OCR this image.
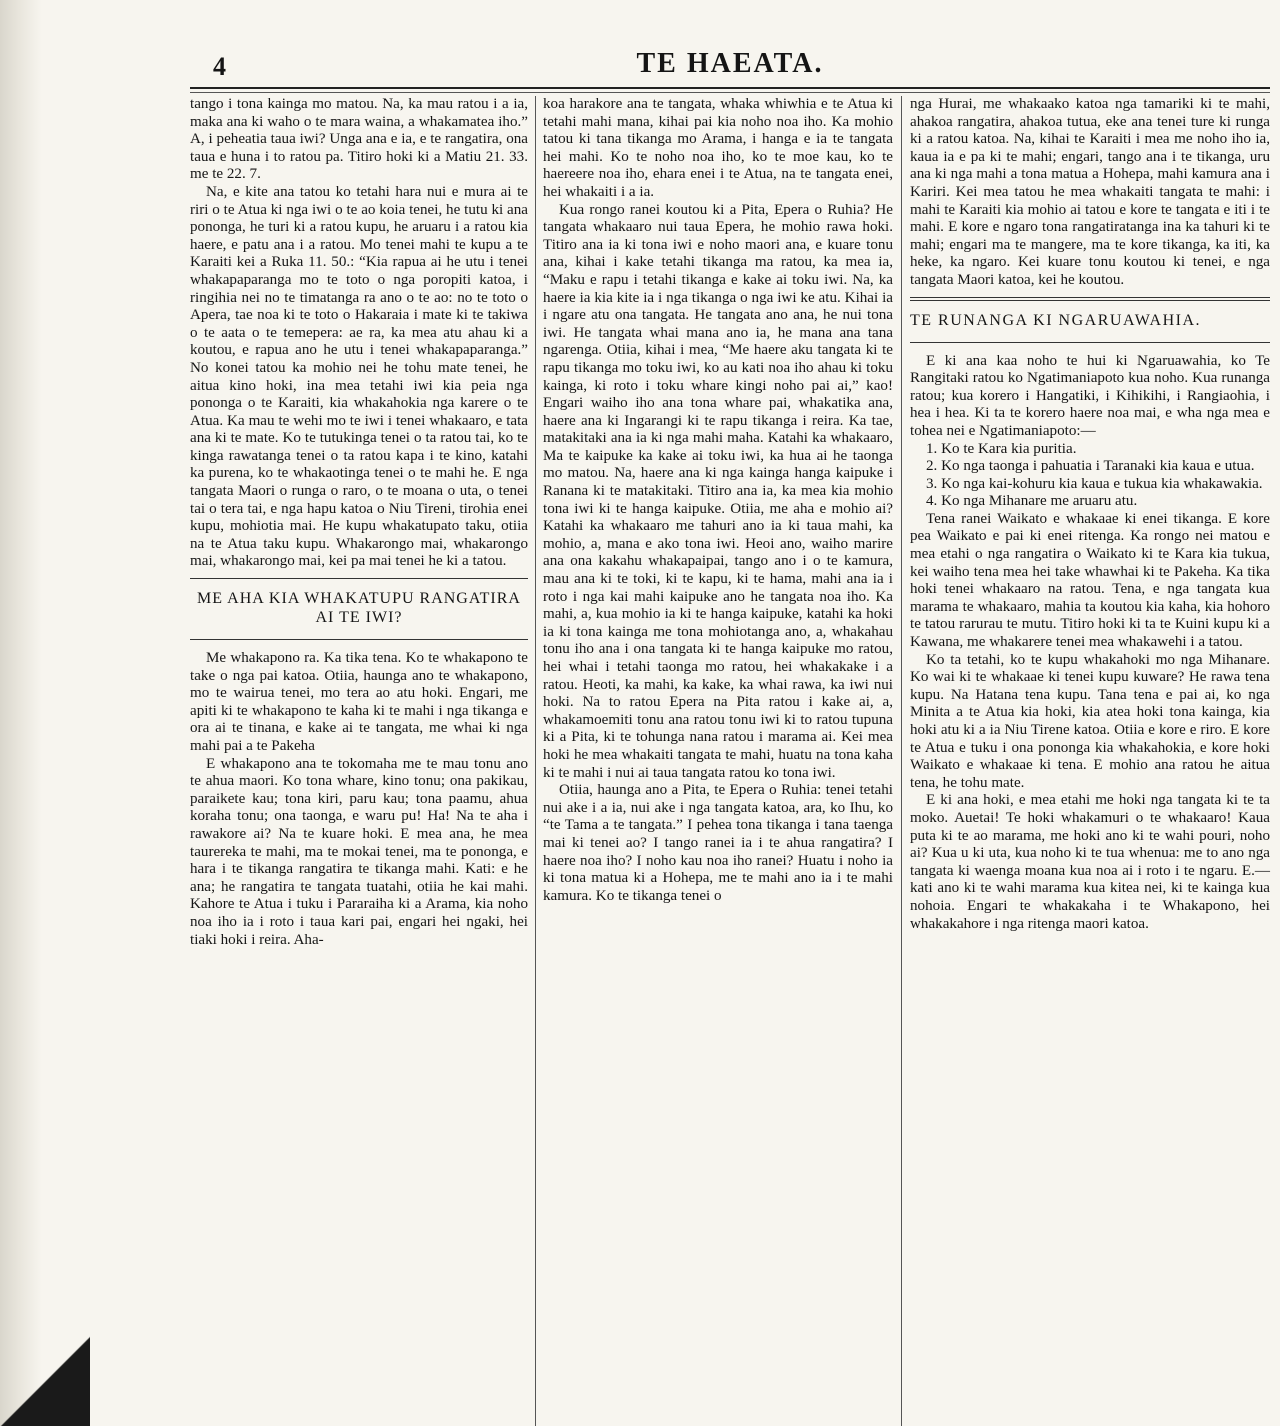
4	TE HAEATA.

tango i tona kainga mo matou. Na, ka mau ratou i a ia, maka ana ki waho o te mara waina, a whakamatea iho.” A, i peheatia taua iwi? Unga ana e ia, e te rangatira, ona taua e huna i to ratou pa. Titiro hoki ki a Matiu 21. 33. me te 22. 7.

Na, e kite ana tatou ko tetahi hara nui e mura ai te riri o te Atua ki nga iwi o te ao koia tenei, he tutu ki ana pononga, he turi ki a ratou kupu, he aruaru i a ratou kia haere, e patu ana i a ratou. Mo tenei mahi te kupu a te Karaiti kei a Ruka 11. 50.: “Kia rapua ai he utu i tenei whakapaparanga mo te toto o nga poropiti katoa, i ringihia nei no te timatanga ra ano o te ao: no te toto o Apera, tae noa ki te toto o Hakaraia i mate ki te takiwa o te aata o te temepera: ae ra, ka mea atu ahau ki a koutou, e rapua ano he utu i tenei whakapaparanga.” No konei tatou ka mohio nei he tohu mate tenei, he aitua kino hoki, ina mea tetahi iwi kia peia nga pononga o te Karaiti, kia whakahokia nga karere o te Atua. Ka mau te wehi mo te iwi i tenei whakaaro, e tata ana ki te mate. Ko te tutukinga tenei o ta ratou tai, ko te kinga rawatanga tenei o ta ratou kapa i te kino, katahi ka purena, ko te whakaotinga tenei o te mahi he. E nga tangata Maori o runga o raro, o te moana o uta, o tenei tai o tera tai, e nga hapu katoa o Niu Tireni, tirohia enei kupu, mohiotia mai. He kupu whakatupato taku, otiia na te Atua taku kupu. Whakarongo mai, whakarongo mai, whakarongo mai, kei pa mai tenei he ki a tatou.

ME AHA KIA WHAKATUPU RANGATIRA AI TE IWI?

Me whakapono ra. Ka tika tena. Ko te whakapono te take o nga pai katoa. Otiia, haunga ano te whakapono, mo te wairua tenei, mo tera ao atu hoki. Engari, me apiti ki te whakapono te kaha ki te mahi i nga tikanga e ora ai te tinana, e kake ai te tangata, me whai ki nga mahi pai a te Pakeha

E whakapono ana te tokomaha me te mau tonu ano te ahua maori. Ko tona whare, kino tonu; ona pakikau, paraikete kau; tona kiri, paru kau; tona paamu, ahua koraha tonu; ona taonga, e waru pu! Ha! Na te aha i rawakore ai? Na te kuare hoki. E mea ana, he mea taurereka te mahi, ma te mokai tenei, ma te pononga, e hara i te tikanga rangatira te tikanga mahi. Kati: e he ana; he rangatira te tangata tuatahi, otiia he kai mahi. Kahore te Atua i tuku i Pararaiha ki a Arama, kia noho noa iho ia i roto i taua kari pai, engari hei ngaki, hei tiaki hoki i reira. Aha-

koa harakore ana te tangata, whaka whiwhia e te Atua ki tetahi mahi mana, kihai pai kia noho noa iho. Ka mohio tatou ki tana tikanga mo Arama, i hanga e ia te tangata hei mahi. Ko te noho noa iho, ko te moe kau, ko te haereere noa iho, ehara enei i te Atua, na te tangata enei, hei whakaiti i a ia.

Kua rongo ranei koutou ki a Pita, Epera o Ruhia? He tangata whakaaro nui taua Epera, he mohio rawa hoki. Titiro ana ia ki tona iwi e noho maori ana, e kuare tonu ana, kihai i kake tetahi tikanga ma ratou, ka mea ia, “Maku e rapu i tetahi tikanga e kake ai toku iwi. Na, ka haere ia kia kite ia i nga tikanga o nga iwi ke atu. Kihai ia i ngare atu ona tangata. He tangata ano ana, he nui tona iwi. He tangata whai mana ano ia, he mana ana tana ngarenga. Otiia, kihai i mea, “Me haere aku tangata ki te rapu tikanga mo toku iwi, ko au kati noa iho ahau ki toku kainga, ki roto i toku whare kingi noho pai ai,” kao! Engari waiho iho ana tona whare pai, whakatika ana, haere ana ki Ingarangi ki te rapu tikanga i reira. Ka tae, matakitaki ana ia ki nga mahi maha. Katahi ka whakaaro, Ma te kaipuke ka kake ai toku iwi, ka hua ai he taonga mo matou. Na, haere ana ki nga kainga hanga kaipuke i Ranana ki te matakitaki. Titiro ana ia, ka mea kia mohio tona iwi ki te hanga kaipuke. Otiia, me aha e mohio ai? Katahi ka whakaaro me tahuri ano ia ki taua mahi, ka mohio, a, mana e ako tona iwi. Heoi ano, waiho marire ana ona kakahu whakapaipai, tango ano i o te kamura, mau ana ki te toki, ki te kapu, ki te hama, mahi ana ia i roto i nga kai mahi kaipuke ano he tangata noa iho. Ka mahi, a, kua mohio ia ki te hanga kaipuke, katahi ka hoki ia ki tona kainga me tona mohiotanga ano, a, whakahau tonu iho ana i ona tangata ki te hanga kaipuke mo ratou, hei whai i tetahi taonga mo ratou, hei whakakake i a ratou. Heoti, ka mahi, ka kake, ka whai rawa, ka iwi nui hoki. Na to ratou Epera na Pita ratou i kake ai, a, whakamoemiti tonu ana ratou tonu iwi ki to ratou tupuna ki a Pita, ki te tohunga nana ratou i marama ai. Kei mea hoki he mea whakaiti tangata te mahi, huatu na tona kaha ki te mahi i nui ai taua tangata ratou ko tona iwi.

Otiia, haunga ano a Pita, te Epera o Ruhia: tenei tetahi nui ake i a ia, nui ake i nga tangata katoa, ara, ko Ihu, ko “te Tama a te tangata.” I pehea tona tikanga i tana taenga mai ki tenei ao? I tango ranei ia i te ahua rangatira? I haere noa iho? I noho kau noa iho ranei? Huatu i noho ia ki tona matua ki a Hohepa, me te mahi ano ia i te mahi kamura. Ko te tikanga tenei o

nga Hurai, me whakaako katoa nga tamariki ki te mahi, ahakoa rangatira, ahakoa tutua, eke ana tenei ture ki runga ki a ratou katoa. Na, kihai te Karaiti i mea me noho iho ia, kaua ia e pa ki te mahi; engari, tango ana i te tikanga, uru ana ki nga mahi a tona matua a Hohepa, mahi kamura ana i Kariri. Kei mea tatou he mea whakaiti tangata te mahi: i mahi te Karaiti kia mohio ai tatou e kore te tangata e iti i te mahi. E kore e ngaro tona rangatiratanga ina ka tahuri ki te mahi; engari ma te mangere, ma te kore tikanga, ka iti, ka heke, ka ngaro. Kei kuare tonu koutou ki tenei, e nga tangata Maori katoa, kei he koutou.

TE RUNANGA KI NGARUAWAHIA.

E ki ana kaa noho te hui ki Ngaruawahia, ko Te Rangitaki ratou ko Ngatimaniapoto kua noho. Kua runanga ratou; kua korero i Hangatiki, i Kihikihi, i Rangiaohia, i hea i hea. Ki ta te korero haere noa mai, e wha nga mea e tohea nei e Ngatimaniapoto:—

1. Ko te Kara kia puritia.

2. Ko nga taonga i pahuatia i Taranaki kia kaua e utua.

3. Ko nga kai-kohuru kia kaua e tukua kia whakawakia.

4. Ko nga Mihanare me aruaru atu.

Tena ranei Waikato e whakaae ki enei tikanga. E kore pea Waikato e pai ki enei ritenga. Ka rongo nei matou e mea etahi o nga rangatira o Waikato ki te Kara kia tukua, kei waiho tena mea hei take whawhai ki te Pakeha. Ka tika hoki tenei whakaaro na ratou. Tena, e nga tangata kua marama te whakaaro, mahia ta koutou kia kaha, kia hohoro te tatou rarurau te mutu. Titiro hoki ki ta te Kuini kupu ki a Kawana, me whakarere tenei mea whakawehi i a tatou.

Ko ta tetahi, ko te kupu whakahoki mo nga Mihanare. Ko wai ki te whakaae ki tenei kupu kuware? He rawa tena kupu. Na Hatana tena kupu. Tana tena e pai ai, ko nga Minita a te Atua kia hoki, kia atea hoki tona kainga, kia hoki atu ki a ia Niu Tirene katoa. Otiia e kore e riro. E kore te Atua e tuku i ona pononga kia whakahokia, e kore hoki Waikato e whakaae ki tena. E mohio ana ratou he aitua tena, he tohu mate.

E ki ana hoki, e mea etahi me hoki nga tangata ki te ta moko. Auetai! Te hoki whakamuri o te whakaaro! Kaua puta ki te ao marama, me hoki ano ki te wahi pouri, noho ai? Kua u ki uta, kua noho ki te tua whenua: me to ano nga tangata ki waenga moana kua noa ai i roto i te ngaru. E.—kati ano ki te wahi marama kua kitea nei, ki te kainga kua nohoia. Engari te whakakaha i te Whakapono, hei whakakahore i nga ritenga maori katoa.
